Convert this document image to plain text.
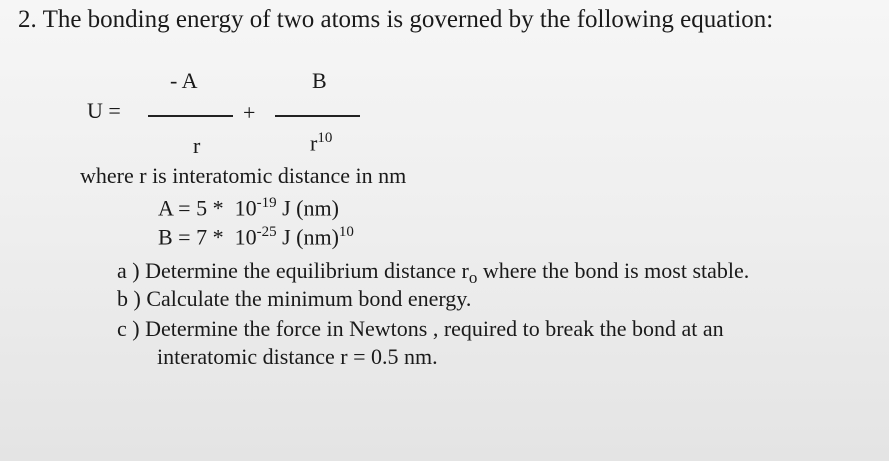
2. The bonding energy of two atoms is governed by the following equation:
U =
- A
r
+
B
$r^{10}$
where r is interatomic distance in nm
$A = 5 * 10^{-19}$ J (nm)
$B = 7 * 10^{-25}$ J (nm)$^{10}$
a ) Determine the equilibrium distance $r_o$ where the bond is most stable.
b ) Calculate the minimum bond energy.
c ) Determine the force in Newtons , required to break the bond at an
interatomic distance r = 0.5 nm.
